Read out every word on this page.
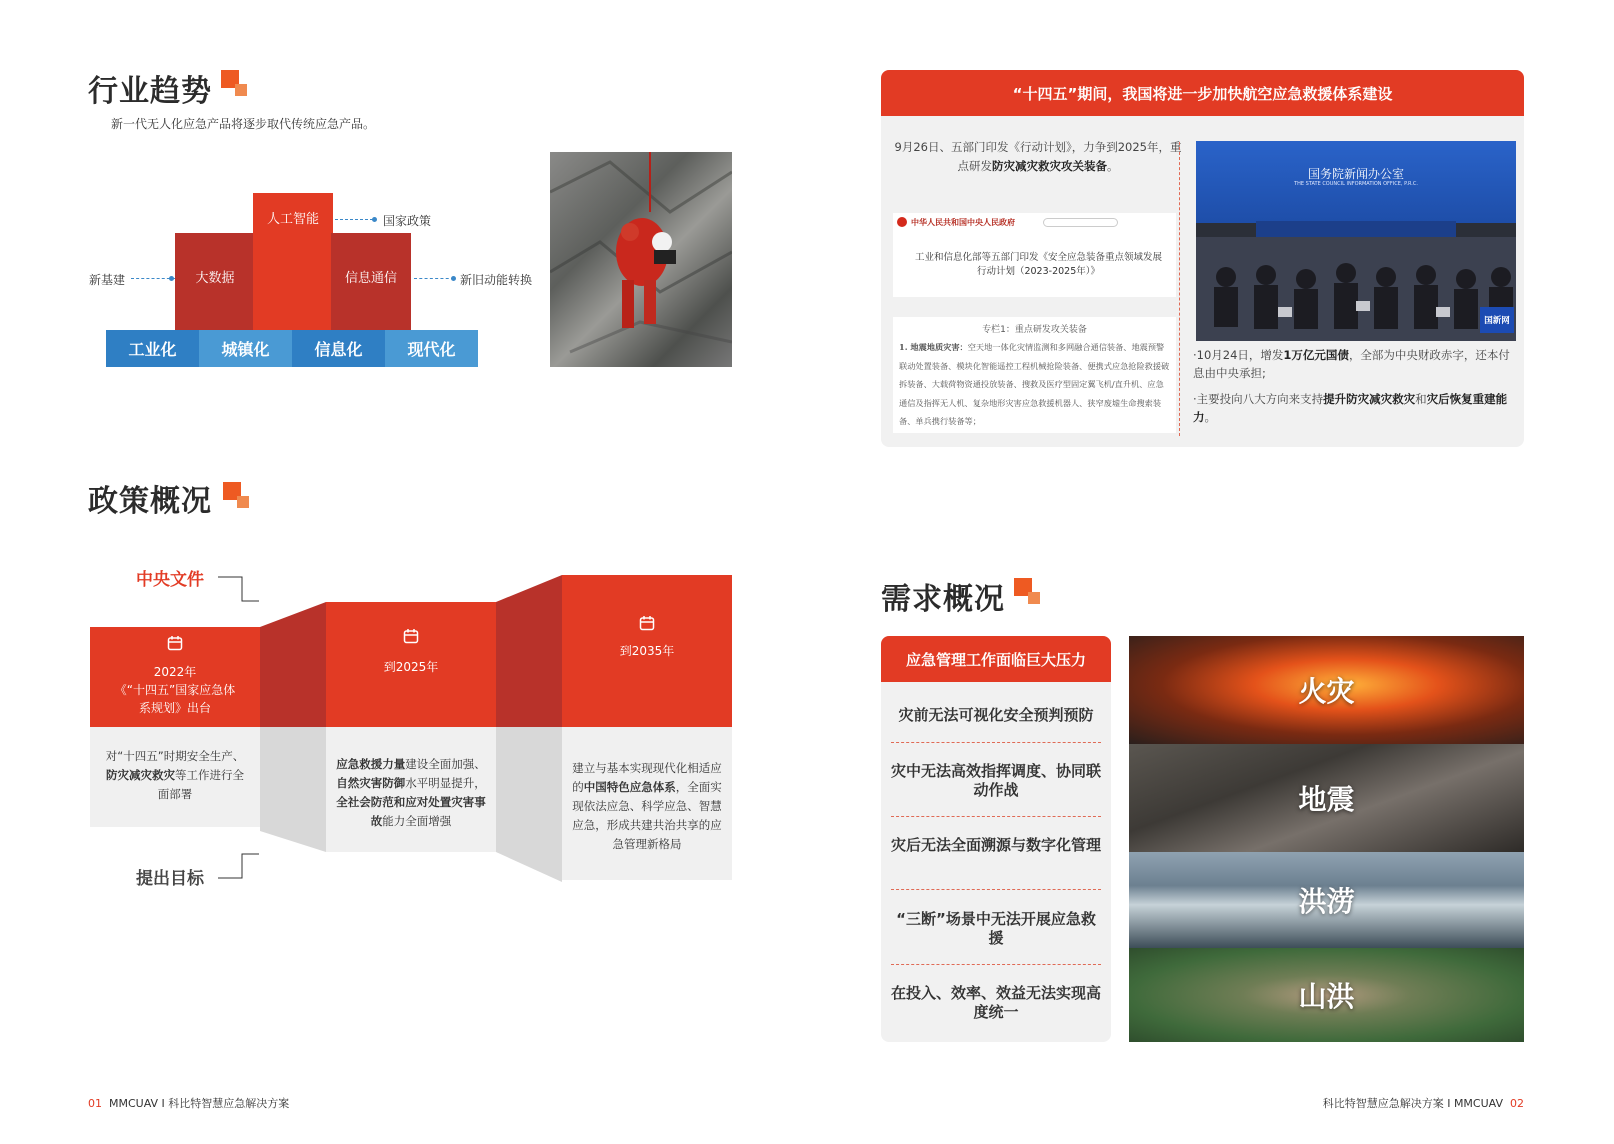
行业趋势
新一代无人化应急产品将逐步取代传统应急产品。
大数据
人工智能
信息通信
工业化	城镇化	信息化	现代化
国家政策
新基建	新旧动能转换
“十四五”期间，我国将进一步加快航空应急救援体系建设
9月26日、五部门印发《行动计划》，力争到2025年，重点研发防灾减灾救灾攻关装备。
中华人民共和国中央人民政府
工业和信息化部等五部门印发《安全应急装备重点领域发展行动计划（2023-2025年）》
专栏1：重点研发攻关装备
1. 地震地质灾害：空天地一体化灾情监测和多网融合通信装备、地震预警联动处置装备、模块化智能遥控工程机械抢险装备、便携式应急抢险救援破拆装备、大载荷物资通投放装备、搜救及医疗型固定翼飞机/直升机、应急通信及指挥无人机、复杂地形灾害应急救援机器人、狭窄废墟生命搜索装备、单兵携行装备等；
国务院新闻办公室
THE STATE COUNCIL INFORMATION OFFICE, P.R.C.
国新网
·10月24日，增发1万亿元国债，全部为中央财政赤字，还本付息由中央承担;
·主要投向八大方向来支持提升防灾减灾救灾和灾后恢复重建能力。
政策概况
中央文件
提出目标
2022年
《“十四五”国家应急体系规划》出台
对“十四五”时期安全生产、防灾减灾救灾等工作进行全面部署
到2025年
应急救援力量建设全面加强、自然灾害防御水平明显提升，全社会防范和应对处置灾害事故能力全面增强
到2035年
建立与基本实现现代化相适应的中国特色应急体系，全面实现依法应急、科学应急、智慧应急，形成共建共治共享的应急管理新格局
需求概况
应急管理工作面临巨大压力
灾前无法可视化安全预判预防
灾中无法高效指挥调度、协同联动作战
灾后无法全面溯源与数字化管理
“三断”场景中无法开展应急救援
在投入、效率、效益无法实现高度统一
火灾
地震
洪涝
山洪
01 MMCUAV Ι 科比特智慧应急解决方案	科比特智慧应急解决方案 Ι MMCUAV 02
